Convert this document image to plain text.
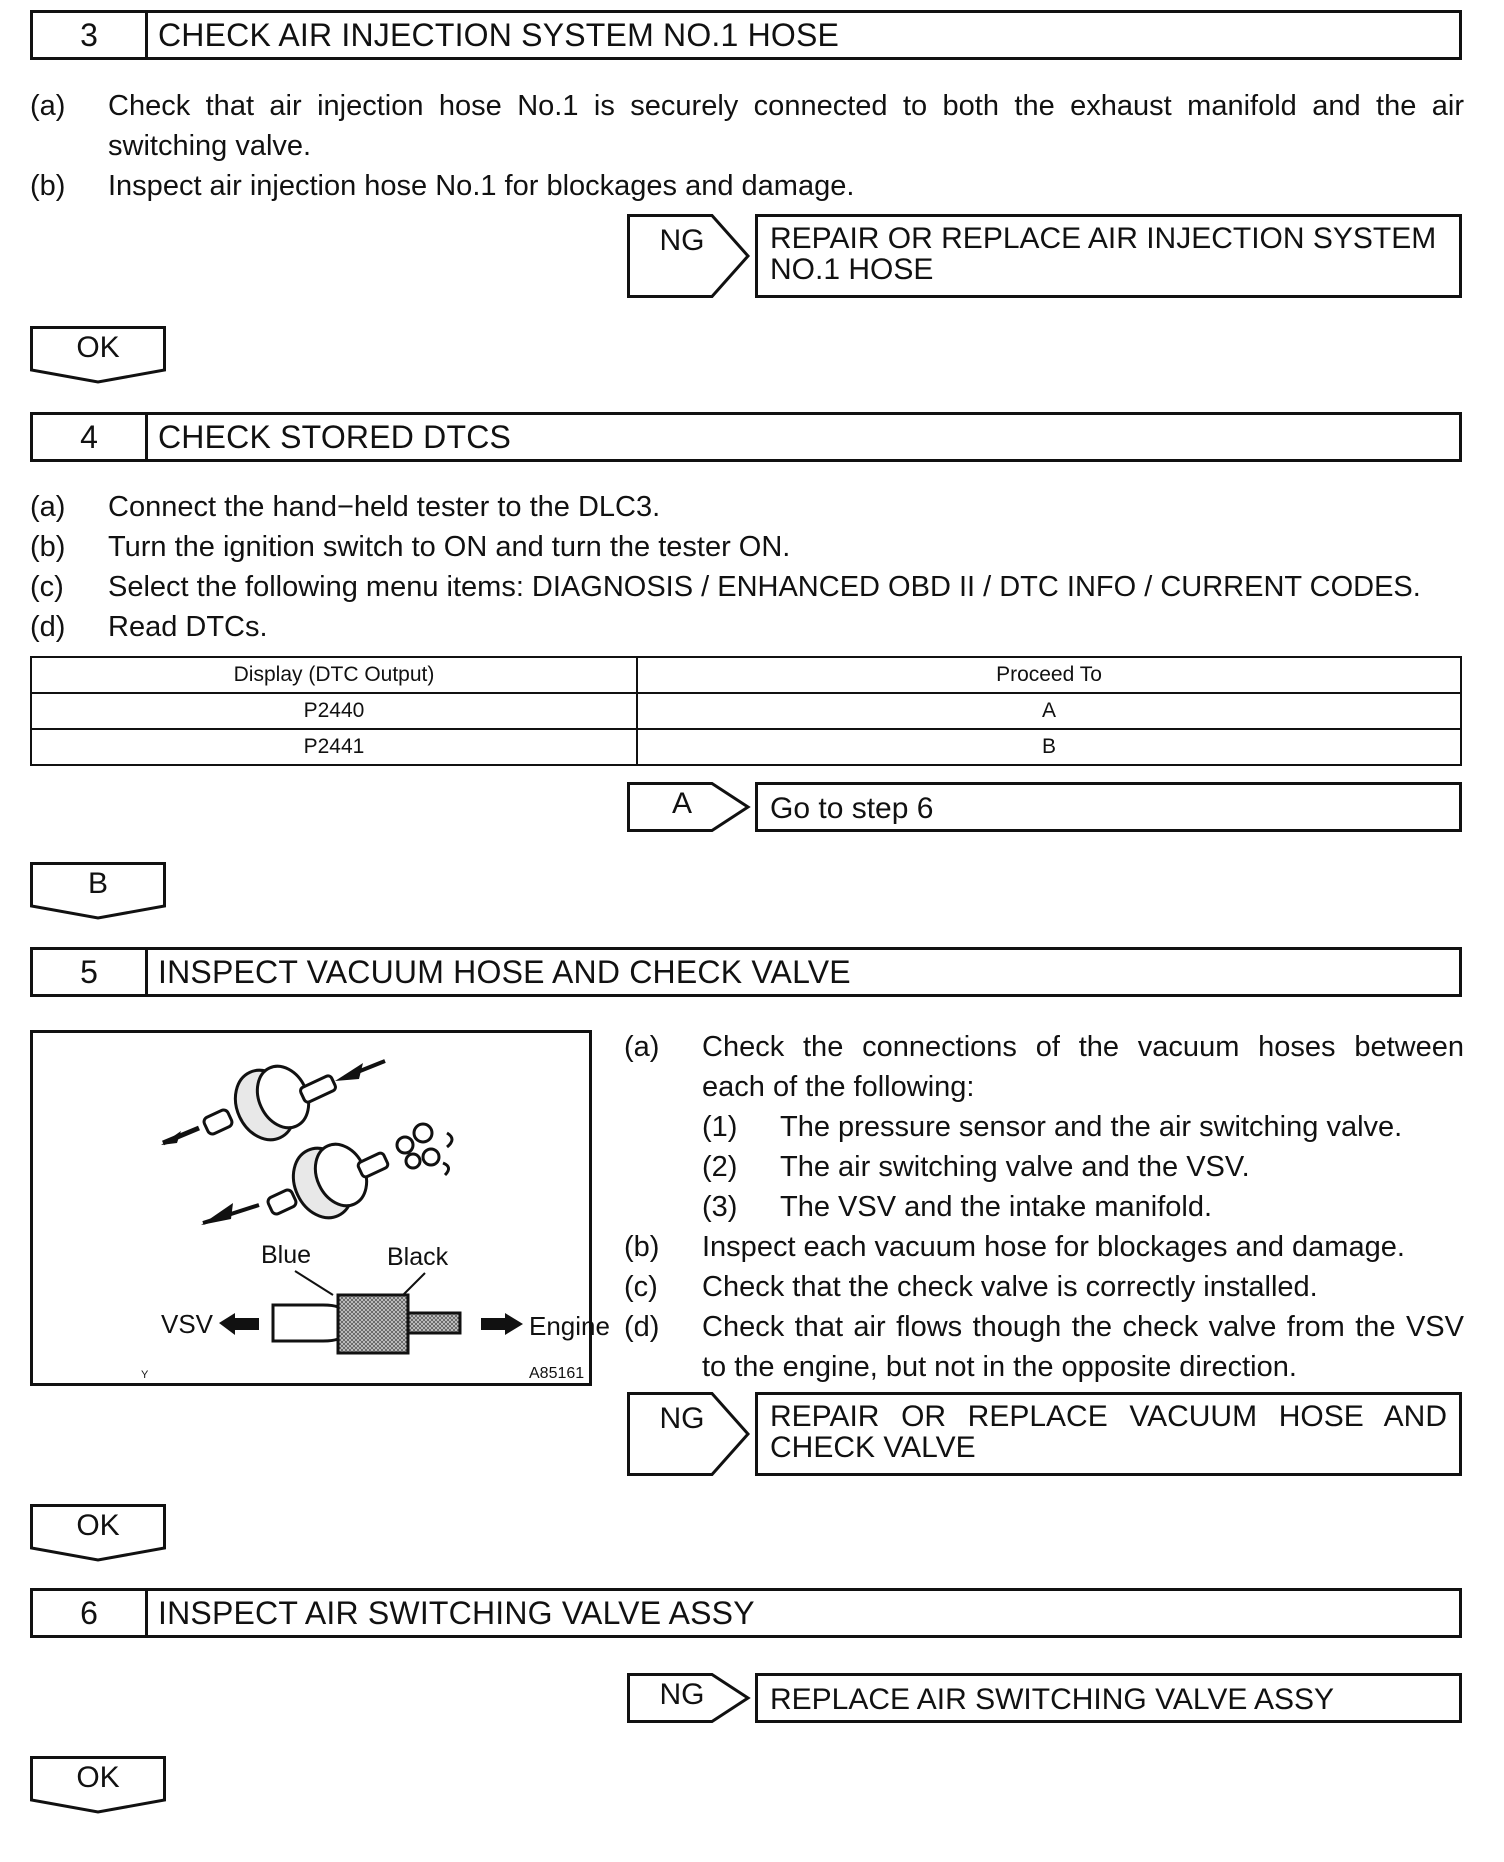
3	CHECK AIR INJECTION SYSTEM NO.1 HOSE
(a) Check that air injection hose No.1 is securely connected to both the exhaust manifold and the air
switching valve.
(b) Inspect air injection hose No.1 for blockages and damage.
NG	REPAIR OR REPLACE AIR INJECTION SYSTEM
NO.1 HOSE
OK
4	CHECK STORED DTCS
(a) Connect the hand−held tester to the DLC3.
(b) Turn the ignition switch to ON and turn the tester ON.
(c) Select the following menu items: DIAGNOSIS / ENHANCED OBD II / DTC INFO / CURRENT CODES.
(d) Read DTCs.
Display (DTC Output)	Proceed To
P2440	A
P2441	B
A	Go to step 6
B
5	INSPECT VACUUM HOSE AND CHECK VALVE
Blue	Black
VSV	Engine
Y	A85161
(a) Check the connections of the vacuum hoses between
each of the following:
(1) The pressure sensor and the air switching valve.
(2) The air switching valve and the VSV.
(3) The VSV and the intake manifold.
(b) Inspect each vacuum hose for blockages and damage.
(c) Check that the check valve is correctly installed.
(d) Check that air flows though the check valve from the VSV
to the engine, but not in the opposite direction.
NG	REPAIR OR REPLACE VACUUM HOSE AND
CHECK VALVE
OK
6	INSPECT AIR SWITCHING VALVE ASSY
NG	REPLACE AIR SWITCHING VALVE ASSY
OK
